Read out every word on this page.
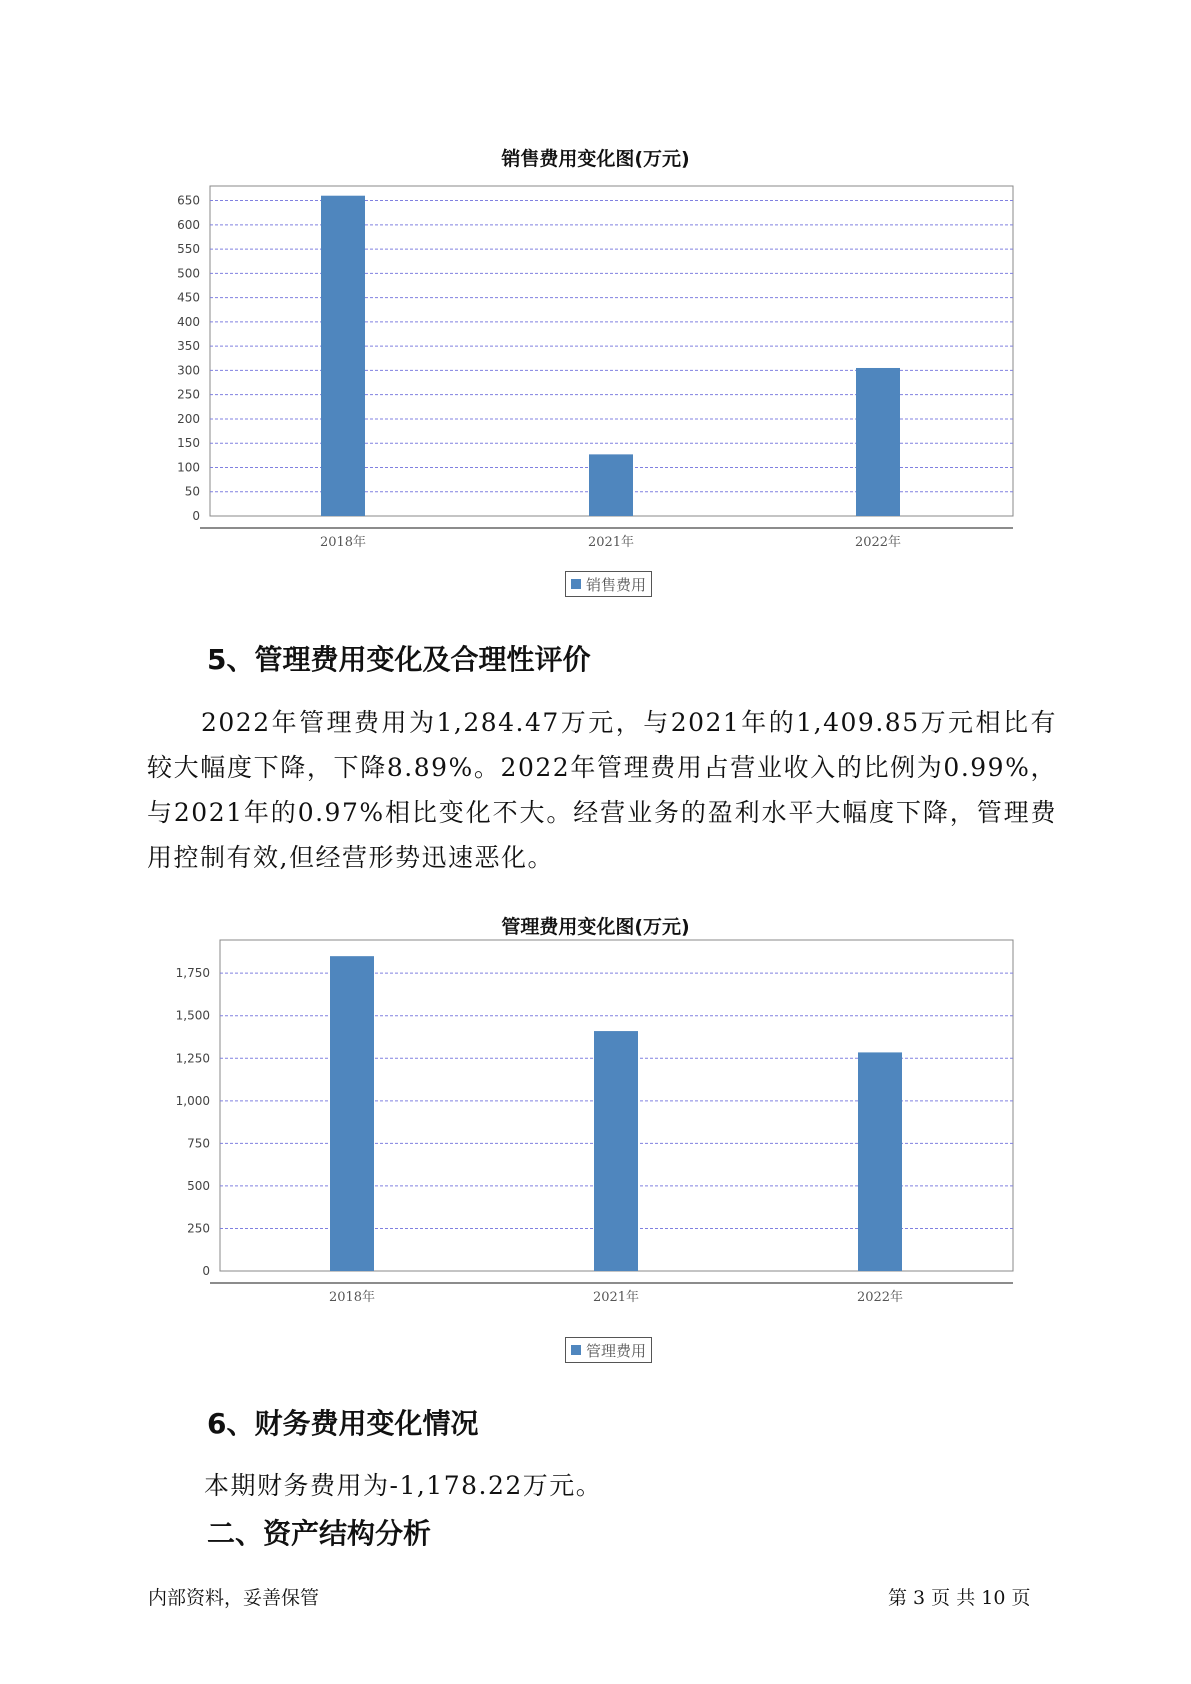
销售费用变化图(万元)
0
50
100
150
200
250
300
350
400
450
500
550
600
650
2018年	2021年	2022年
销售费用
5、管理费用变化及合理性评价

2022年管理费用为1,284.47万元，与2021年的1,409.85万元相比有较大幅度下降，下降8.89%。2022年管理费用占营业收入的比例为0.99%，与2021年的0.97%相比变化不大。经营业务的盈利水平大幅度下降，管理费用控制有效,但经营形势迅速恶化。

管理费用变化图(万元)
0
250
500
750
1,000
1,250
1,500
1,750
2018年	2021年	2022年
管理费用
6、财务费用变化情况

本期财务费用为-1,178.22万元。

二、资产结构分析
内部资料，妥善保管	第 3 页 共 10 页
